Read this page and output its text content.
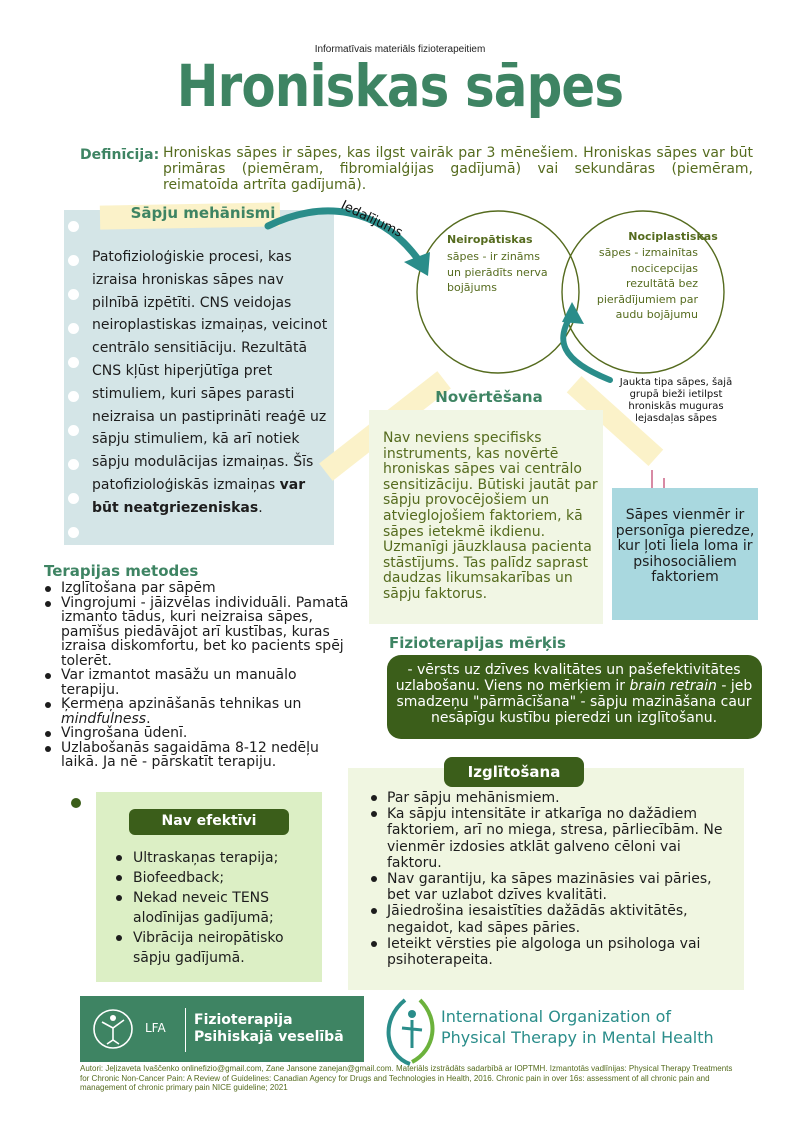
Informatīvais materiāls fizioterapeitiem
Hroniskas sāpes
Definīcija: Hroniskas sāpes ir sāpes, kas ilgst vairāk par 3 mēnešiem. Hroniskas sāpes var būt primāras (piemēram, fibromialģijas gadījumā) vai sekundāras (piemēram, reimatoīda artrīta gadījumā).
Sāpju mehānismi
Patofizioloģiskie procesi, kas izraisa hroniskas sāpes nav pilnībā izpētīti. CNS veidojas neiroplastiskas izmaiņas, veicinot centrālo sensitiāciju. Rezultātā CNS kļūst hiperjūtīga pret stimuliem, kuri sāpes parasti neizraisa un pastiprināti reaģē uz sāpju stimuliem, kā arī notiek sāpju modulācijas izmaiņas. Šīs patofizioloģiskās izmaiņas var būt neatgriezeniskas.
Iedalījums	Neiropātiskas
sāpes - ir zināms un pierādīts nerva bojājums
Nociplastiskas
sāpes - izmainītas nocicepcijas rezultātā bez pierādījumiem par audu bojājumu
Jaukta tipa sāpes, šajā grupā bieži ietilpst hroniskās muguras lejasdaļas sāpes
Novērtēšana
Nav neviens specifisks instruments, kas novērtē hroniskas sāpes vai centrālo sensitizāciju. Būtiski jautāt par sāpju provocējošiem un atvieglojošiem faktoriem, kā sāpes ietekmē ikdienu. Uzmanīgi jāuzklausa pacienta stāstījums. Tas palīdz saprast daudzas likumsakarības un sāpju faktorus.
Sāpes vienmēr ir personīga pieredze, kur ļoti liela loma ir psihosociāliem faktoriem
Terapijas metodes
Izglītošana par sāpēm
Vingrojumi - jāizvēlas individuāli. Pamatā izmanto tādus, kuri neizraisa sāpes, pamīšus piedāvājot arī kustības, kuras izraisa diskomfortu, bet ko pacients spēj tolerēt.
Var izmantot masāžu un manuālo terapiju.
Ķermeņa apzināšanās tehnikas un mindfulness.
Vingrošana ūdenī.
Uzlabošanās sagaidāma 8-12 nedēļu laikā. Ja nē - pārskatīt terapiju.
Fizioterapijas mērķis
- vērsts uz dzīves kvalitātes un pašefektivitātes uzlabošanu. Viens no mērķiem ir brain retrain - jeb smadzeņu "pārmācīšana" - sāpju mazināšana caur nesāpīgu kustību pieredzi un izglītošanu.
Nav efektīvi
Ultraskaņas terapija;
Biofeedback;
Nekad neveic TENS alodīnijas gadījumā;
Vibrācija neiropātisko sāpju gadījumā.
Izglītošana
Par sāpju mehānismiem.
Ka sāpju intensitāte ir atkarīga no dažādiem faktoriem, arī no miega, stresa, pārliecībām. Ne vienmēr izdosies atklāt galveno cēloni vai faktoru.
Nav garantiju, ka sāpes mazināsies vai pāries, bet var uzlabot dzīves kvalitāti.
Jāiedrošina iesaistīties dažādās aktivitātēs, negaidot, kad sāpes pāries.
Ieteikt vērsties pie algologa un psihologa vai psihoterapeita.
LFA Fizioterapija Psihiskajā veselībā
International Organization of Physical Therapy in Mental Health
Autori: Jeļizaveta Ivaščenko onlinefizio@gmail.com, Zane Jansone zanejan@gmail.com. Materiāls izstrādāts sadarbībā ar IOPTMH. Izmantotās vadlīnijas: Physical Therapy Treatments for Chronic Non-Cancer Pain: A Review of Guidelines: Canadian Agency for Drugs and Technologies in Health, 2016. Chronic pain in over 16s: assessment of all chronic pain and management of chronic primary pain NICE guideline; 2021
